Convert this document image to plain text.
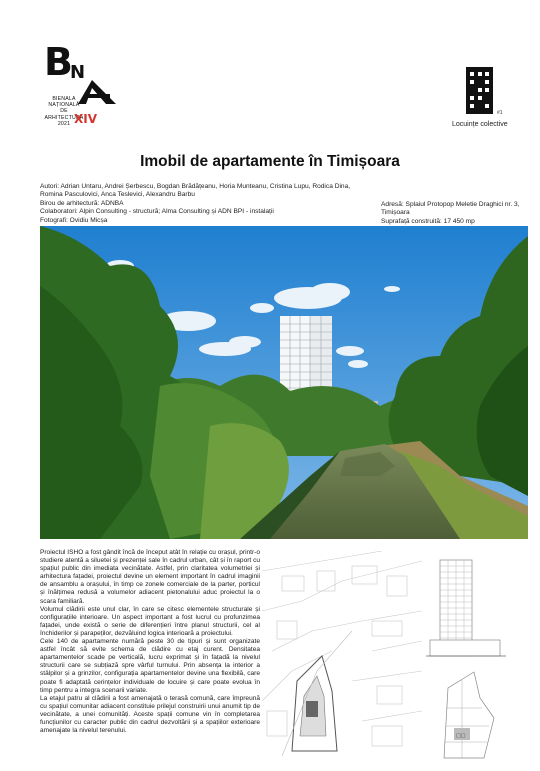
B
N
BIENALA
NAȚIONALĂ
DE
ARHITECTURĂ
2021 XIV	#1
Locuințe colective
Imobil de apartamente în Timișoara
Autori: Adrian Untaru, Andrei Șerbescu, Bogdan Brădățeanu, Horia Munteanu, Cristina Lupu, Rodica Dina,
Romina Pasculovici, Anca Teslevici, Alexandru Barbu
Birou de arhitectură: ADNBA
Colaboratori: Alpin Consulting - structură; Alma Consulting și ADN BPI - instalații
Fotografi: Ovidiu Micșa
Adresă: Splaiul Protopop Meletie Draghici nr. 3,
Timișoara
Suprafață construită: 17 450 mp

Proiectul ISHO a fost gândit încă de început atât în relație cu orașul, printr-o studiere atentă a siluetei și prezenței sale în cadrul urban, cât și în raport cu spațiul public din imediata vecinătate. Astfel, prin claritatea volumetriei și arhitectura fațadei, proiectul devine un element important în cadrul imaginii de ansamblu a orașului, în timp ce zonele comerciale de la parter, porticul și înălțimea redusă a volumelor adiacent pietonalului aduc proiectul la o scara familiară.

Volumul clădirii este unul clar, în care se citesc elementele structurale și configurațiile interioare. Un aspect important a fost lucrul cu profunzimea fațadei, unde există o serie de diferențieri între planul structurii, cel al închiderilor și parapeților, dezvăluind logica interioară a proiectului.

Cele 140 de apartamente numără peste 30 de tipuri și sunt organizate astfel încât să evite schema de clădire cu etaj curent. Densitatea apartamentelor scade pe verticală, lucru exprimat și în fațadă la nivelul structurii care se subțiază spre vârful turnului. Prin absența la interior a stâlpilor și a grinzilor, configurația apartamentelor devine una flexibilă, care poate fi adaptată cerințelor individuale de locuire și care poate evolua în timp pentru a integra scenarii variate.

La etajul patru al clădirii a fost amenajată o terasă comună, care împreună cu spațiul comunitar adiacent constituie prilejul construirii unui anumit tip de vecinătate, a unei comunități. Aceste spații comune vin în completarea funcțiunilor cu caracter public din cadrul dezvoltării și a spațiilor exterioare amenajate la nivelul terenului.

□□
